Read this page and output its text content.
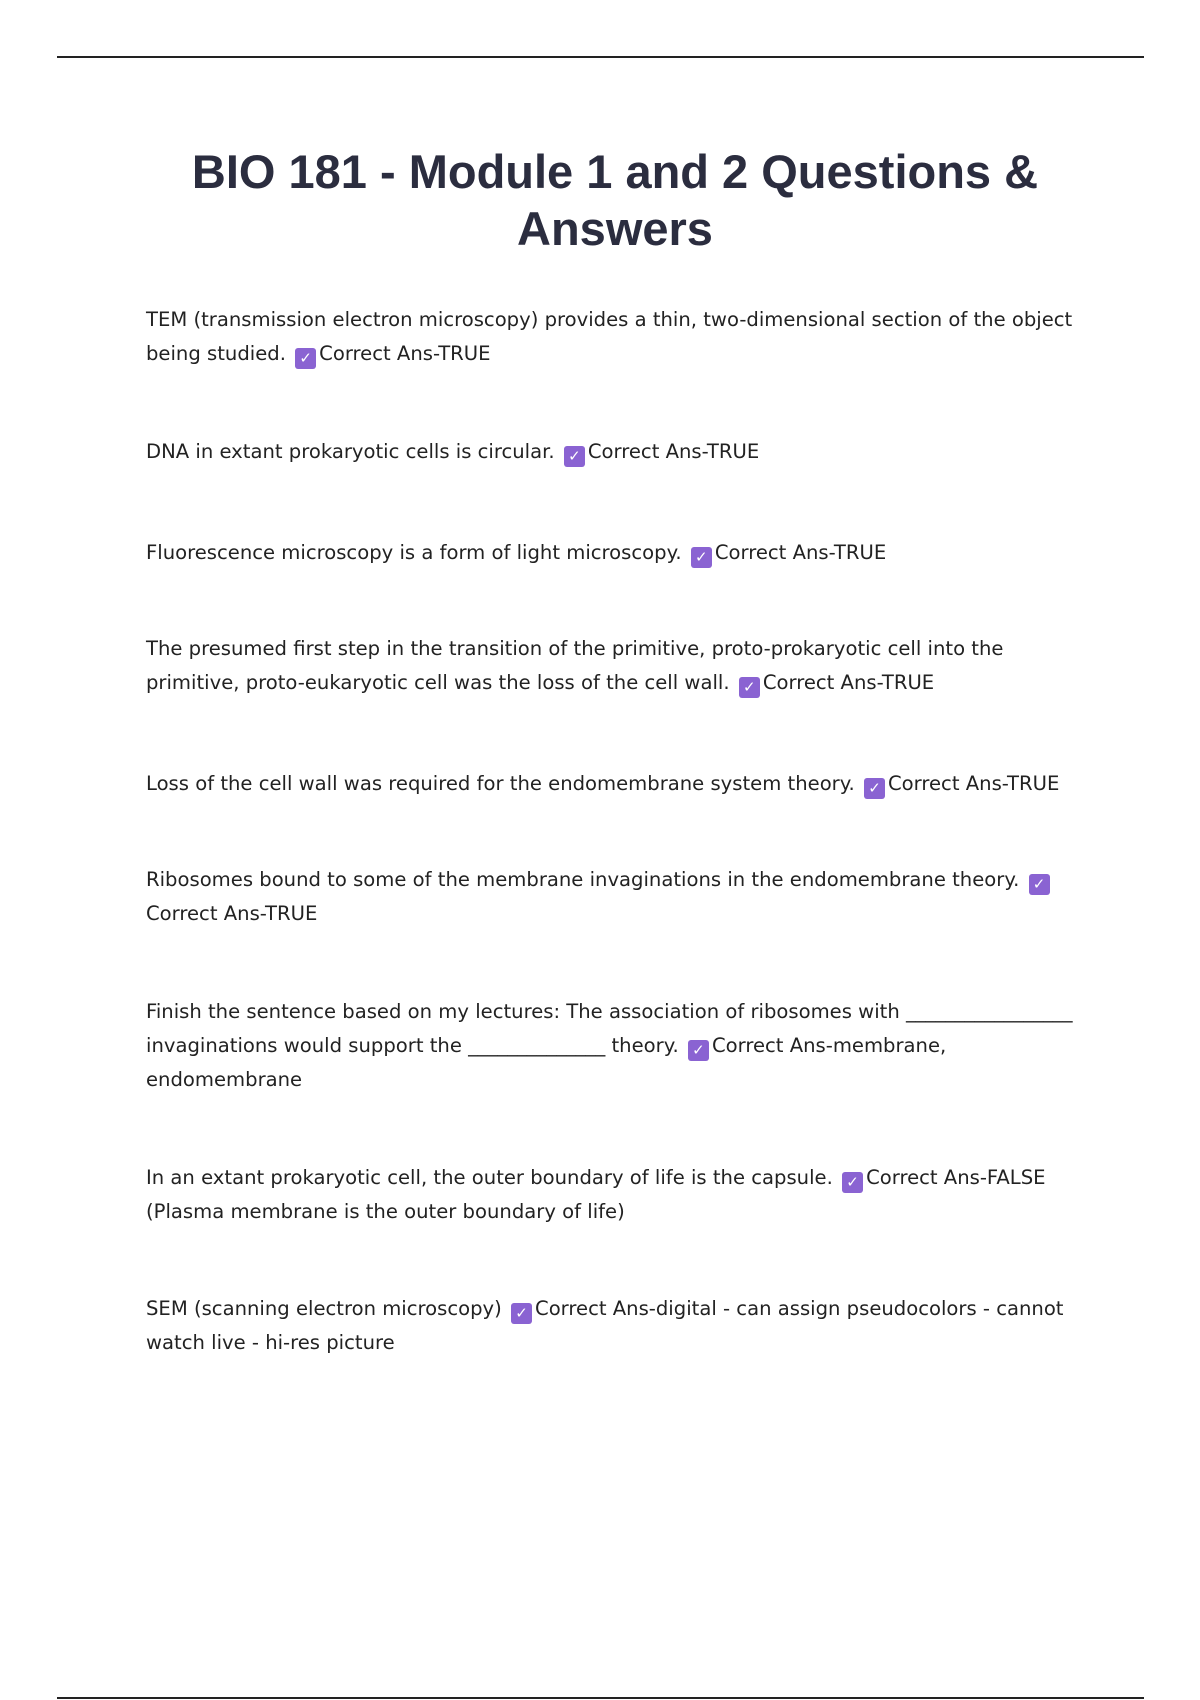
BIO 181 - Module 1 and 2 Questions & Answers
TEM (transmission electron microscopy) provides a thin, two-dimensional section of the object being studied. ✓ Correct Ans-TRUE
DNA in extant prokaryotic cells is circular. ✓ Correct Ans-TRUE
Fluorescence microscopy is a form of light microscopy. ✓ Correct Ans-TRUE
The presumed first step in the transition of the primitive, proto-prokaryotic cell into the primitive, proto-eukaryotic cell was the loss of the cell wall. ✓ Correct Ans-TRUE
Loss of the cell wall was required for the endomembrane system theory. ✓ Correct Ans-TRUE
Ribosomes bound to some of the membrane invaginations in the endomembrane theory. ✓Correct Ans-TRUE
Finish the sentence based on my lectures: The association of ribosomes with _________________ invaginations would support the ______________ theory. ✓ Correct Ans-membrane, endomembrane
In an extant prokaryotic cell, the outer boundary of life is the capsule. ✓ Correct Ans-FALSE (Plasma membrane is the outer boundary of life)
SEM (scanning electron microscopy) ✓ Correct Ans-digital - can assign pseudocolors - cannot watch live - hi-res picture
